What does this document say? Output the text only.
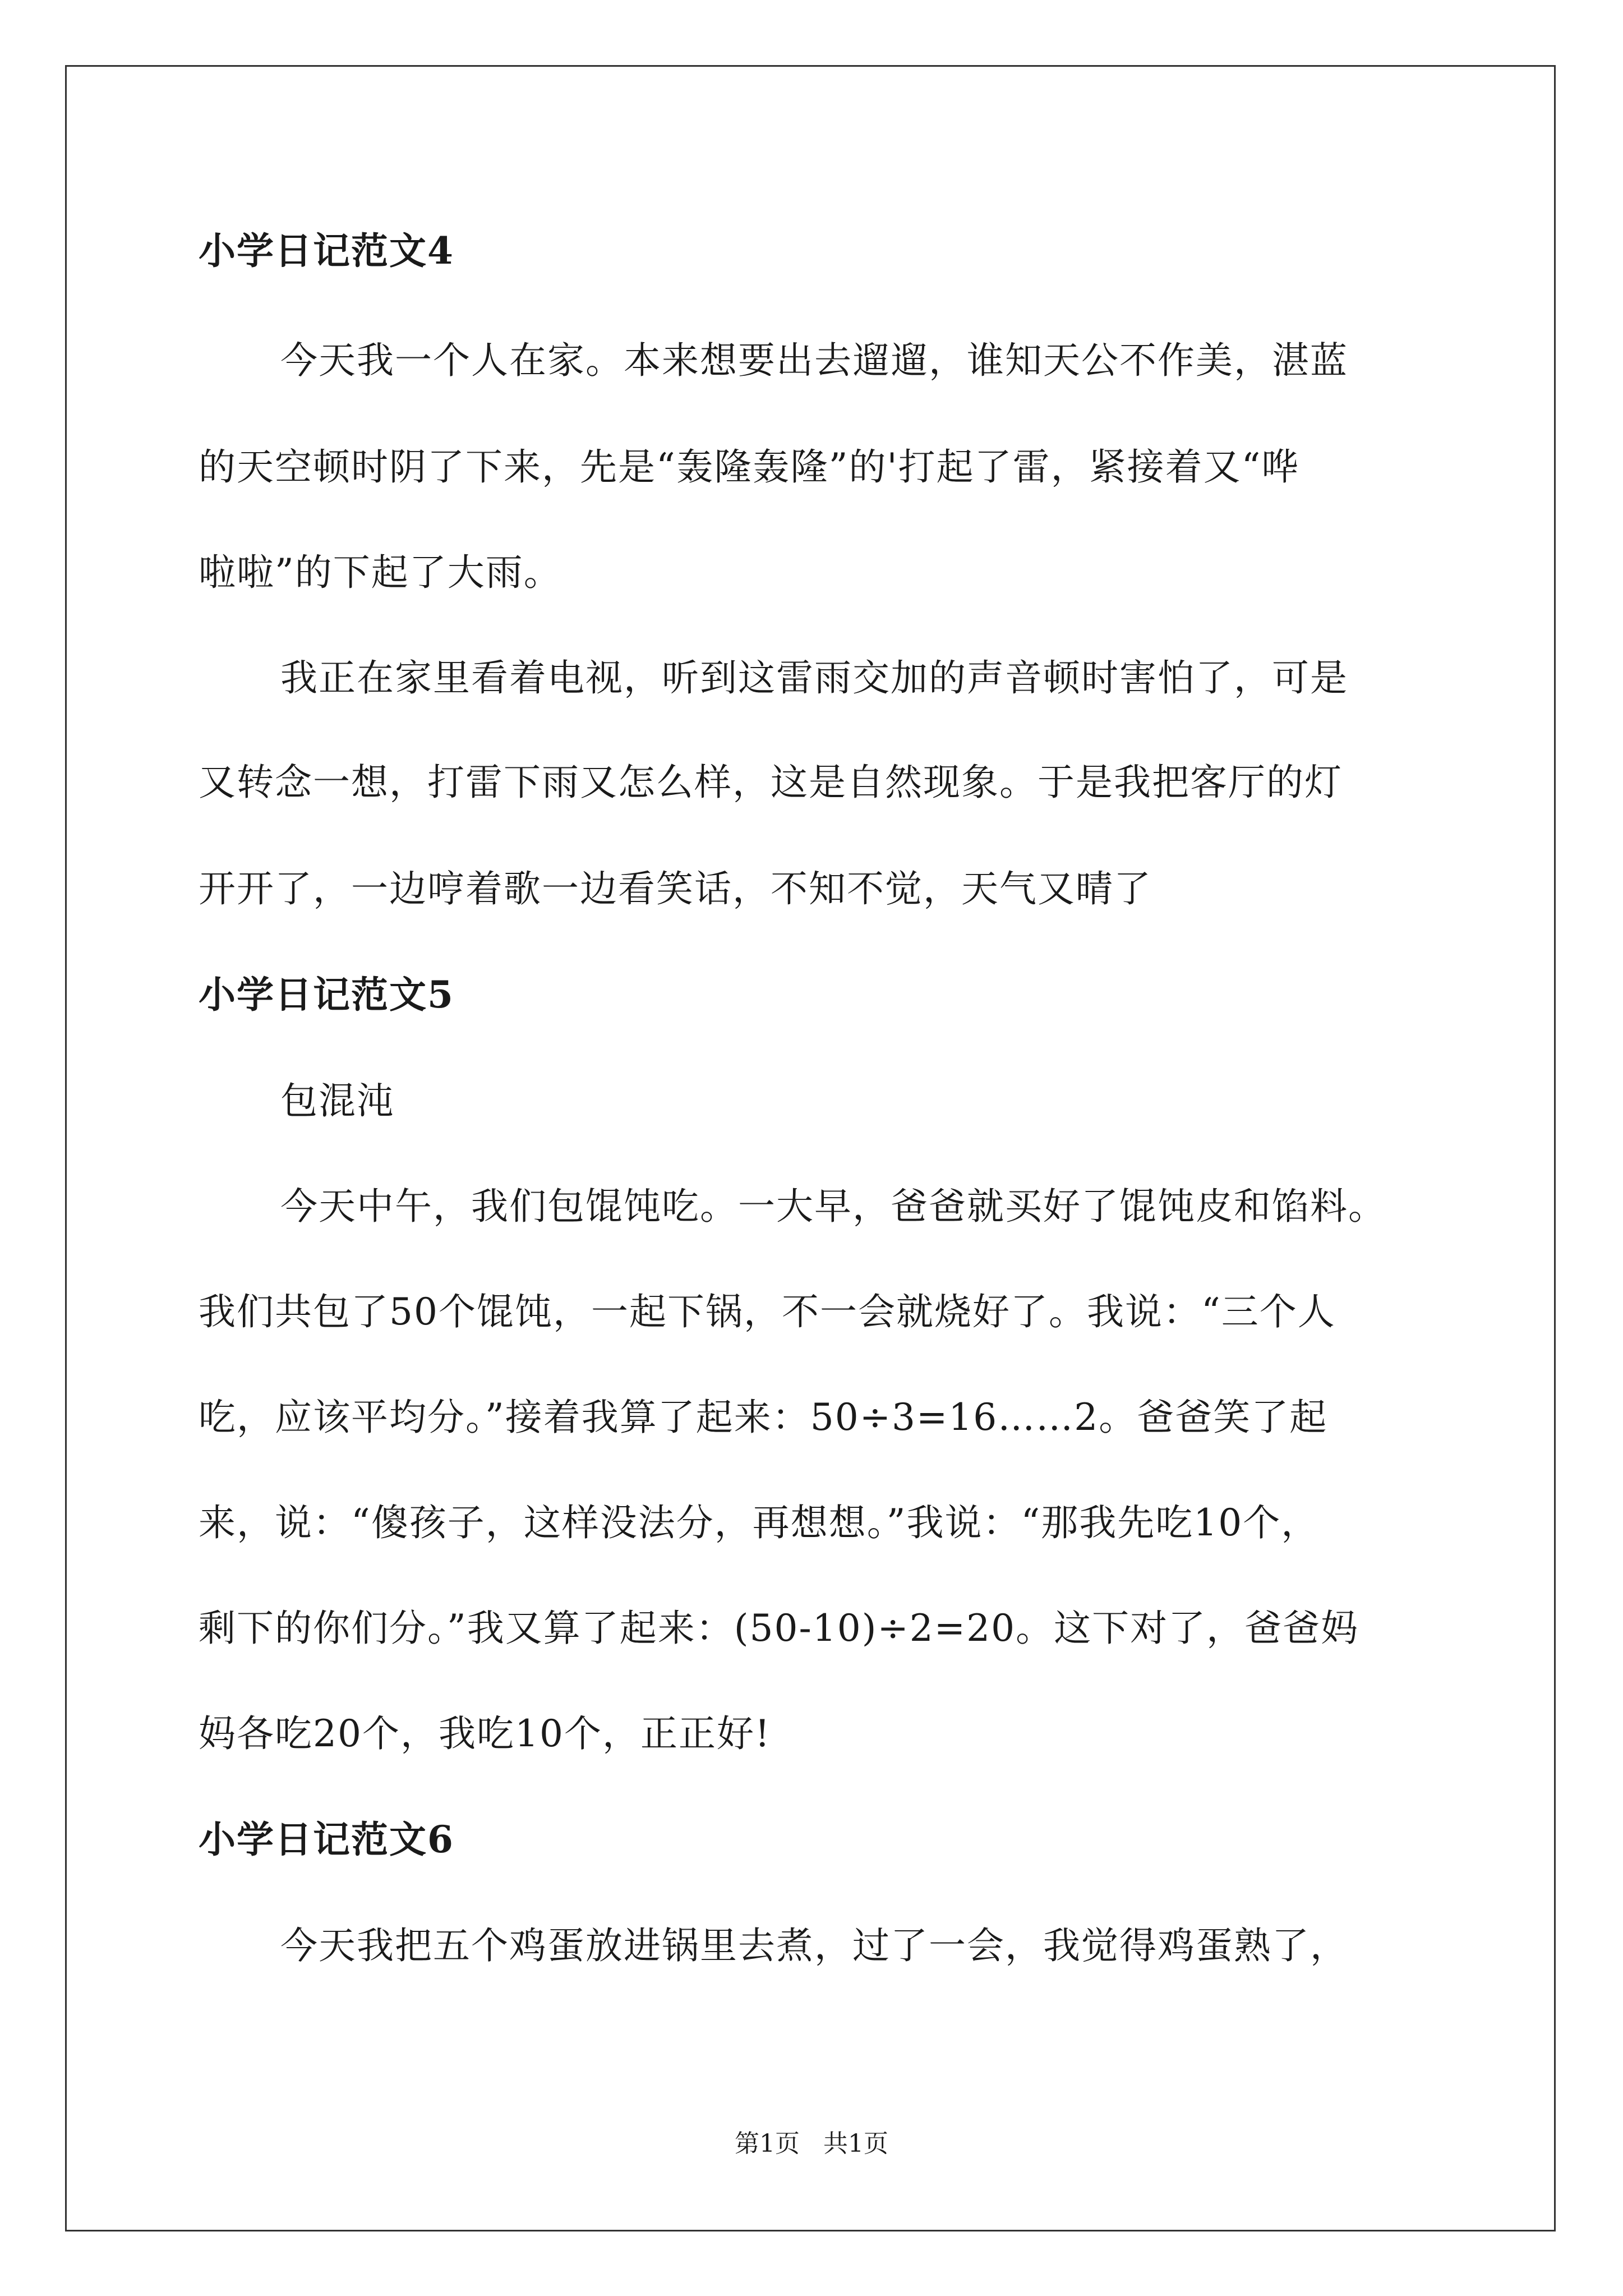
小学日记范文4

今天我一个人在家。本来想要出去遛遛，谁知天公不作美，湛蓝

的天空顿时阴了下来，先是“轰隆轰隆”的'打起了雷，紧接着又“哗

啦啦”的下起了大雨。

我正在家里看着电视，听到这雷雨交加的声音顿时害怕了，可是

又转念一想，打雷下雨又怎么样，这是自然现象。于是我把客厅的灯

开开了，一边哼着歌一边看笑话，不知不觉，天气又晴了

小学日记范文5

包混沌

今天中午，我们包馄饨吃。一大早，爸爸就买好了馄饨皮和馅料。

我们共包了50个馄饨，一起下锅，不一会就烧好了。我说：“三个人

吃，应该平均分。”接着我算了起来：50÷3=16……2。爸爸笑了起

来，说：“傻孩子，这样没法分，再想想。”我说：“那我先吃10个，

剩下的你们分。”我又算了起来：(50-10)÷2=20。这下对了，爸爸妈

妈各吃20个，我吃10个，正正好!

小学日记范文6

今天我把五个鸡蛋放进锅里去煮，过了一会，我觉得鸡蛋熟了，

第1页   共1页
